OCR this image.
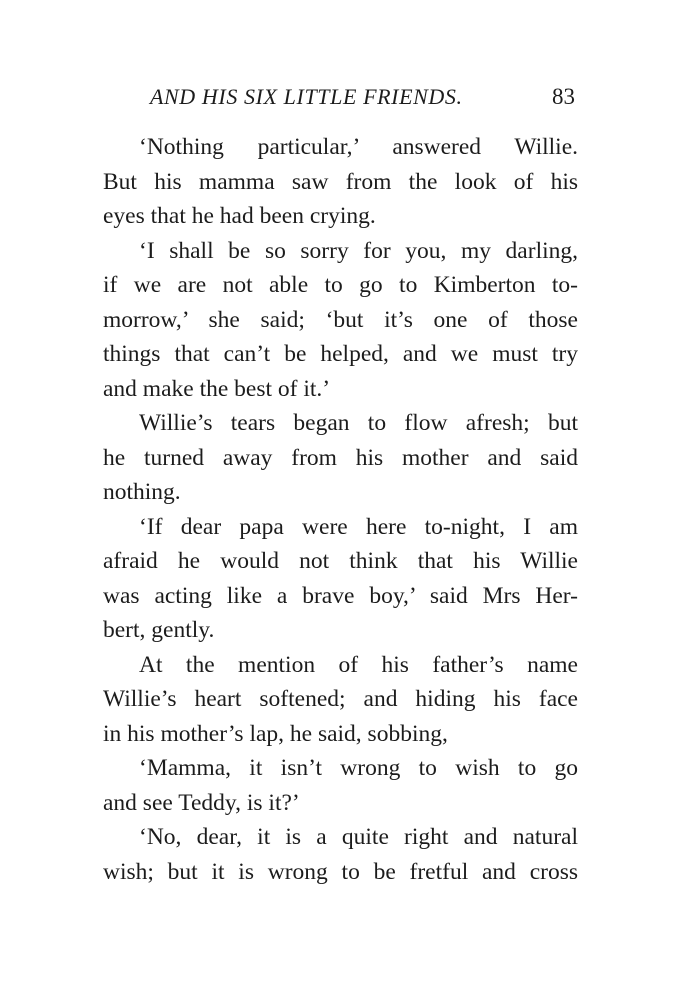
AND HIS SIX LITTLE FRIENDS.	83
‘Nothing particular,’ answered Willie.
But his mamma saw from the look of his
eyes that he had been crying.
‘I shall be so sorry for you, my darling,
if we are not able to go to Kimberton to-
morrow,’ she said; ‘but it’s one of those
things that can’t be helped, and we must try
and make the best of it.’
Willie’s tears began to flow afresh; but
he turned away from his mother and said
nothing.
‘If dear papa were here to-night, I am
afraid he would not think that his Willie
was acting like a brave boy,’ said Mrs Her-
bert, gently.
At the mention of his father’s name
Willie’s heart softened; and hiding his face
in his mother’s lap, he said, sobbing,
‘Mamma, it isn’t wrong to wish to go
and see Teddy, is it?’
‘No, dear, it is a quite right and natural
wish; but it is wrong to be fretful and cross
